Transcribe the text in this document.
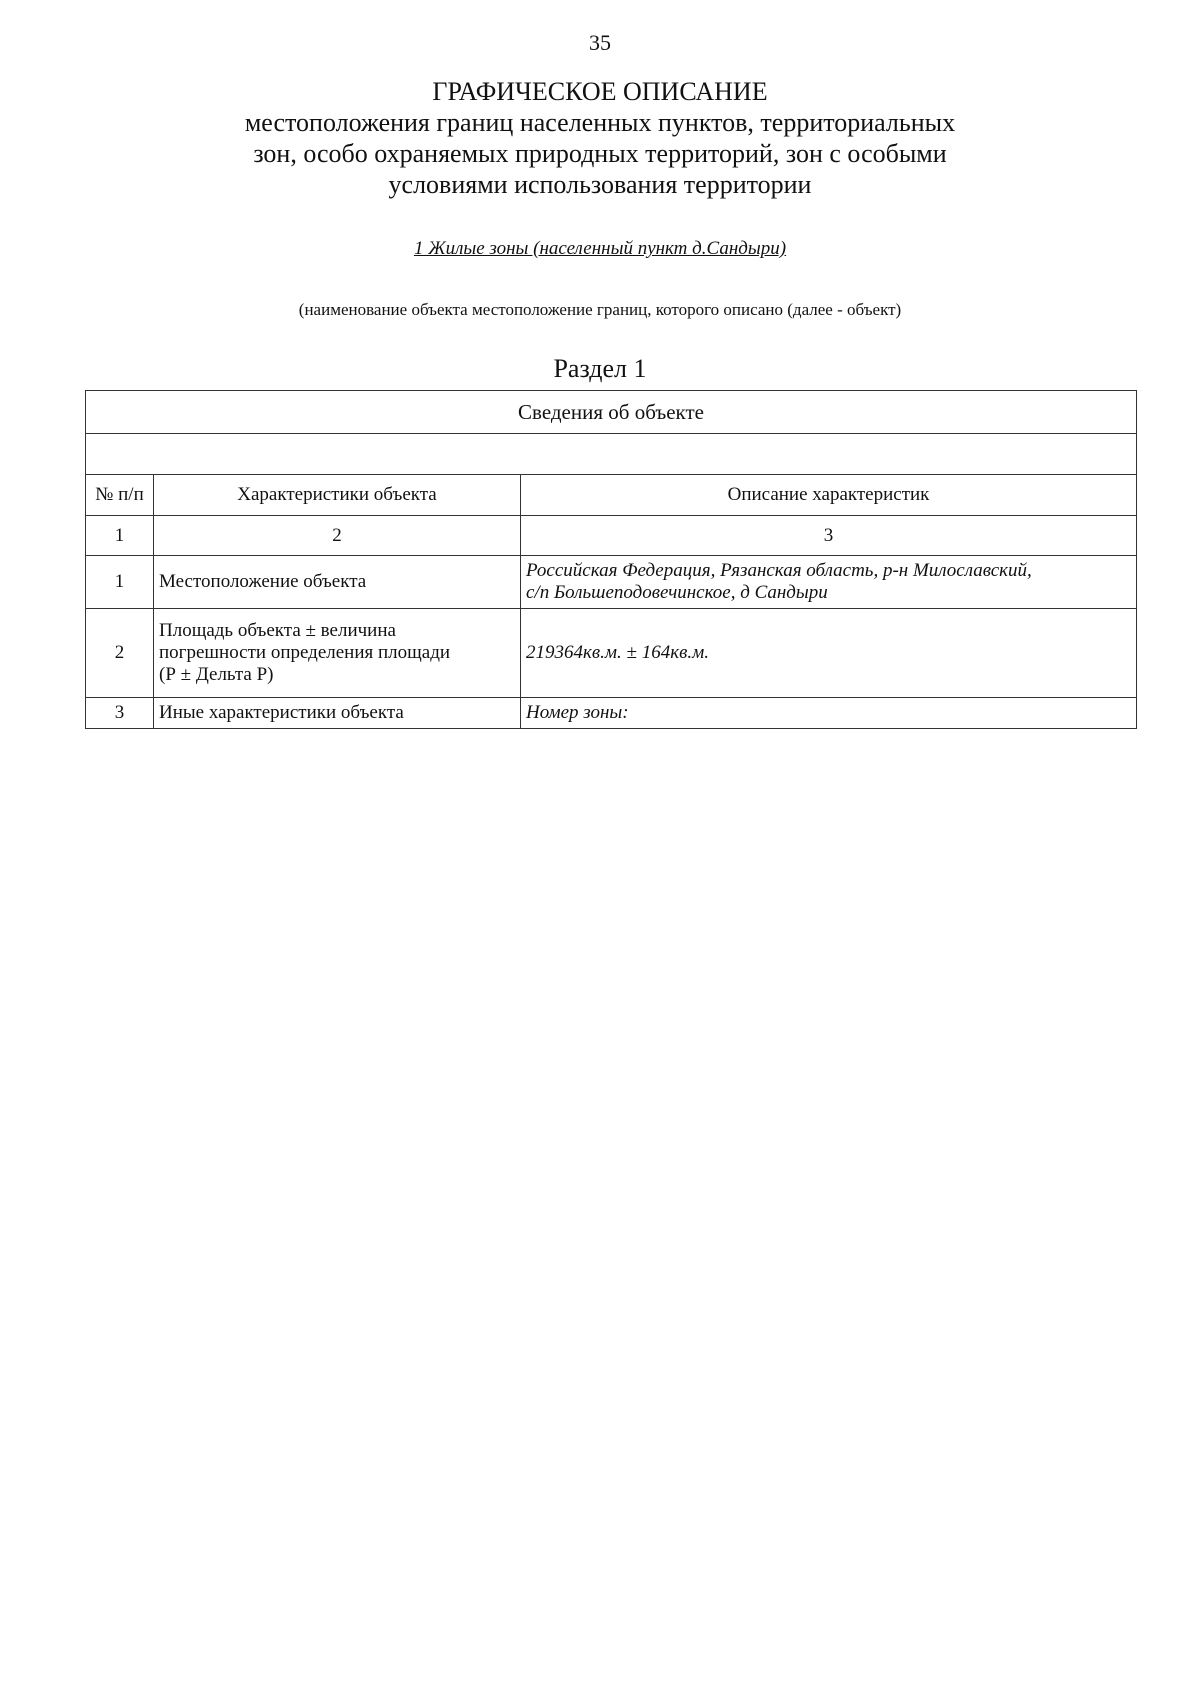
35
ГРАФИЧЕСКОЕ ОПИСАНИЕ
местоположения границ населенных пунктов, территориальных
зон, особо охраняемых природных территорий, зон с особыми
условиями использования территории
1 Жилые зоны (населенный пункт д.Сандыри)
(наименование объекта местоположение границ, которого описано (далее - объект)
Раздел 1
Сведения об объекте		

№ п/п	Характеристики объекта	Описание характеристик
1	2	3
1	Местоположение объекта	Российская Федерация, Рязанская область, р-н Милославский,
с/п Большеподовечинское, д Сандыри

2	Площадь объекта ± величина
погрешности определения площади
(Р ± Дельта Р)	219364кв.м. ± 164кв.м.

3	Иные характеристики объекта	Номер зоны:
